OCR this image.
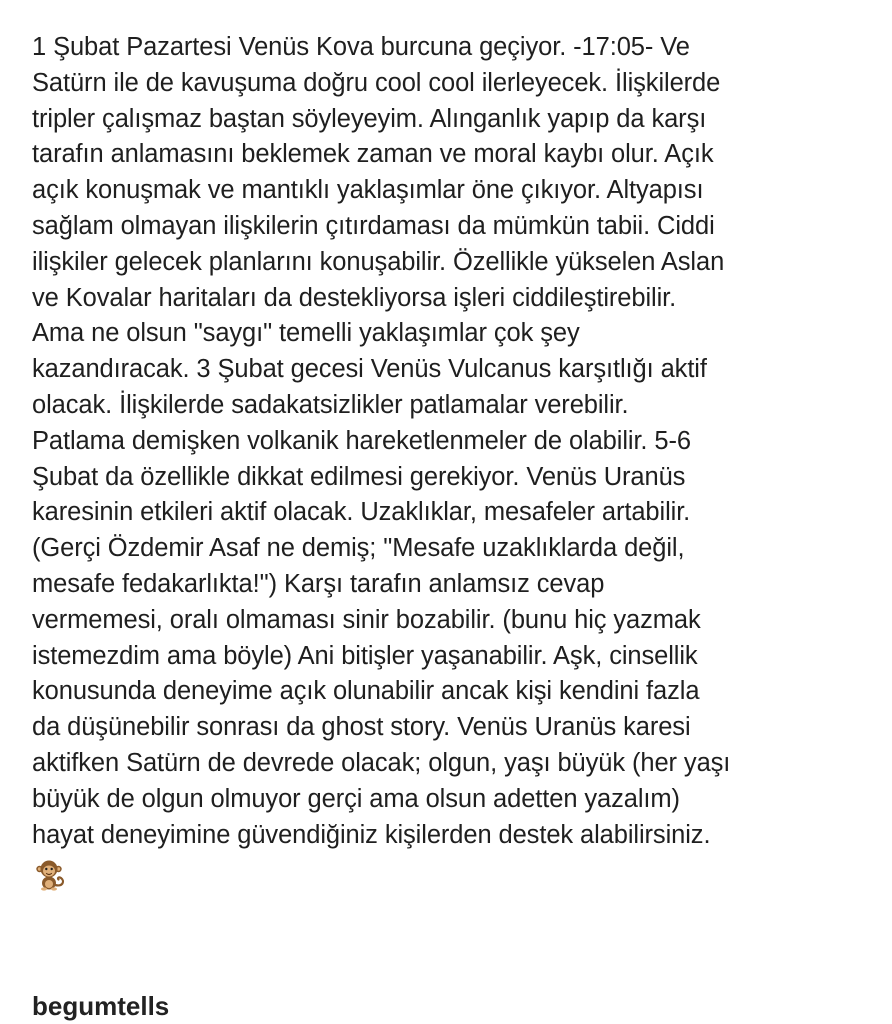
1 Şubat Pazartesi Venüs Kova burcuna geçiyor. -17:05- Ve
Satürn ile de kavuşuma doğru cool cool ilerleyecek. İlişkilerde
tripler çalışmaz baştan söyleyeyim. Alınganlık yapıp da karşı
tarafın anlamasını beklemek zaman ve moral kaybı olur. Açık
açık konuşmak ve mantıklı yaklaşımlar öne çıkıyor. Altyapısı
sağlam olmayan ilişkilerin çıtırdaması da mümkün tabii. Ciddi
ilişkiler gelecek planlarını konuşabilir. Özellikle yükselen Aslan
ve Kovalar haritaları da destekliyorsa işleri ciddileştirebilir.
Ama ne olsun "saygı" temelli yaklaşımlar çok şey
kazandıracak. 3 Şubat gecesi Venüs Vulcanus karşıtlığı aktif
olacak. İlişkilerde sadakatsizlikler patlamalar verebilir.
Patlama demişken volkanik hareketlenmeler de olabilir. 5-6
Şubat da özellikle dikkat edilmesi gerekiyor. Venüs Uranüs
karesinin etkileri aktif olacak. Uzaklıklar, mesafeler artabilir.
(Gerçi Özdemir Asaf ne demiş; "Mesafe uzaklıklarda değil,
mesafe fedakarlıkta!") Karşı tarafın anlamsız cevap
vermemesi, oralı olmaması sinir bozabilir. (bunu hiç yazmak
istemezdim ama böyle) Ani bitişler yaşanabilir. Aşk, cinsellik
konusunda deneyime açık olunabilir ancak kişi kendini fazla
da düşünebilir sonrası da ghost story. Venüs Uranüs karesi
aktifken Satürn de devrede olacak; olgun, yaşı büyük (her yaşı
büyük de olgun olmuyor gerçi ama olsun adetten yazalım)
hayat deneyimine güvendiğiniz kişilerden destek alabilirsiniz.
begumtells
